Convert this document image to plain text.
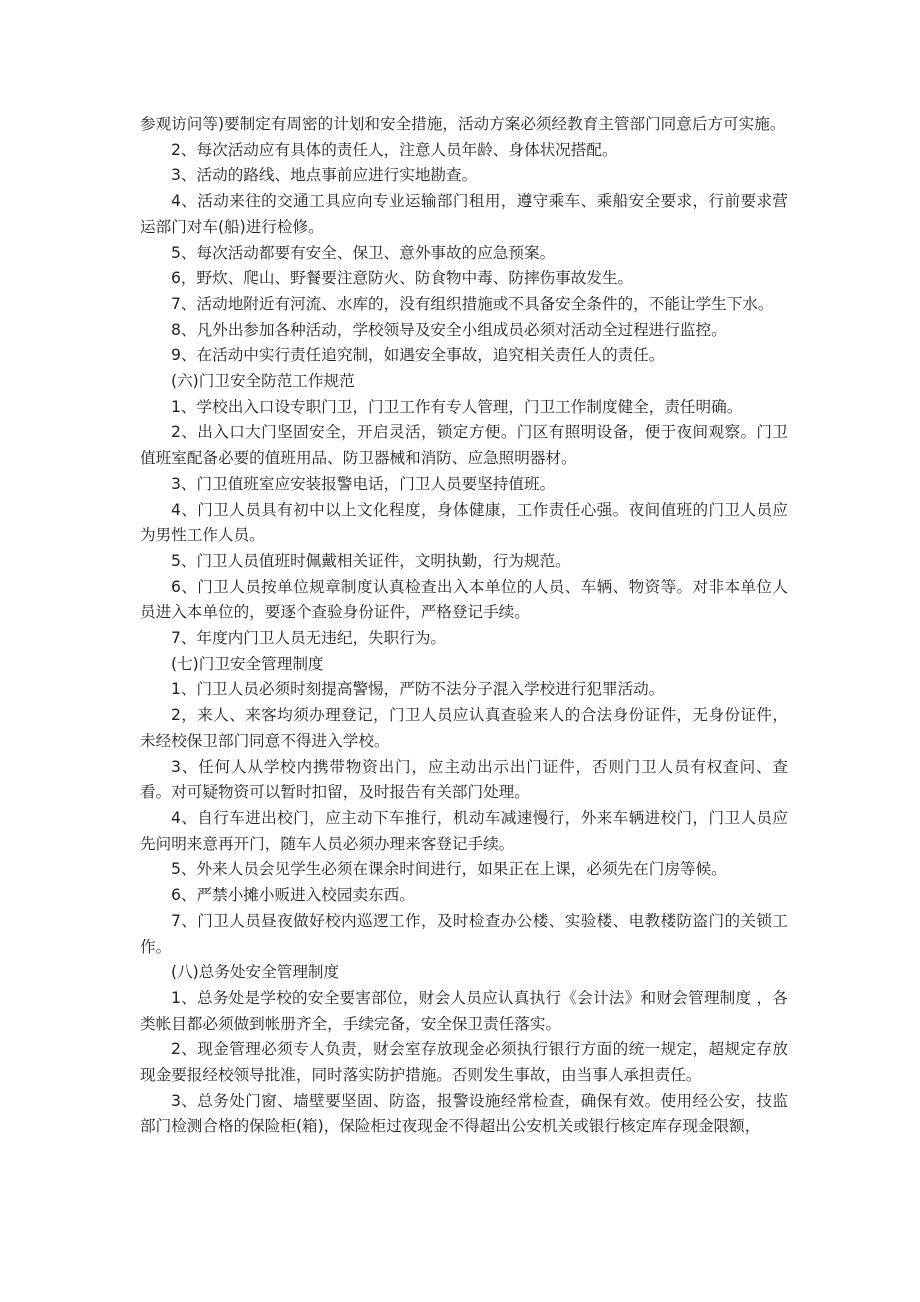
参观访问等)要制定有周密的计划和安全措施，活动方案必须经教育主管部门同意后方可实施。

2、每次活动应有具体的责任人，注意人员年龄、身体状况搭配。

3、活动的路线、地点事前应进行实地勘查。

4、活动来往的交通工具应向专业运输部门租用，遵守乘车、乘船安全要求，行前要求营运部门对车(船)进行检修。

5、每次活动都要有安全、保卫、意外事故的应急预案。

6，野炊、爬山、野餐要注意防火、防食物中毒、防摔伤事故发生。

7、活动地附近有河流、水库的，没有组织措施或不具备安全条件的，不能让学生下水。

8、凡外出参加各种活动，学校领导及安全小组成员必须对活动全过程进行监控。

9、在活动中实行责任追究制，如遇安全事故，追究相关责任人的责任。

(六)门卫安全防范工作规范

1、学校出入口设专职门卫，门卫工作有专人管理，门卫工作制度健全，责任明确。

2、出入口大门坚固安全，开启灵活，锁定方便。门区有照明设备，便于夜间观察。门卫值班室配备必要的值班用品、防卫器械和消防、应急照明器材。

3、门卫值班室应安装报警电话，门卫人员要坚持值班。

4、门卫人员具有初中以上文化程度，身体健康，工作责任心强。夜间值班的门卫人员应为男性工作人员。

5、门卫人员值班时佩戴相关证件，文明执勤，行为规范。

6、门卫人员按单位规章制度认真检查出入本单位的人员、车辆、物资等。对非本单位人员进入本单位的，要逐个查验身份证件，严格登记手续。

7、年度内门卫人员无违纪，失职行为。

(七)门卫安全管理制度

1、门卫人员必须时刻提高警惕，严防不法分子混入学校进行犯罪活动。

2，来人、来客均须办理登记，门卫人员应认真查验来人的合法身份证件，无身份证件，未经校保卫部门同意不得进入学校。

3、任何人从学校内携带物资出门，应主动出示出门证件，否则门卫人员有权查问、查看。对可疑物资可以暂时扣留，及时报告有关部门处理。

4、自行车进出校门，应主动下车推行，机动车减速慢行，外来车辆进校门，门卫人员应先问明来意再开门，随车人员必须办理来客登记手续。

5、外来人员会见学生必须在课余时间进行，如果正在上课，必须先在门房等候。

6、严禁小摊小贩进入校园卖东西。

7、门卫人员昼夜做好校内巡逻工作，及时检查办公楼、实验楼、电教楼防盗门的关锁工作。

(八)总务处安全管理制度

1、总务处是学校的安全要害部位，财会人员应认真执行《会计法》和财会管理制度 ，各类帐目都必须做到帐册齐全，手续完备，安全保卫责任落实。

2、现金管理必须专人负责，财会室存放现金必须执行银行方面的统一规定，超规定存放现金要报经校领导批准，同时落实防护措施。否则发生事故，由当事人承担责任。

3、总务处门窗、墙壁要坚固、防盗，报警设施经常检查，确保有效。使用经公安，技监部门检测合格的保险柜(箱)，保险柜过夜现金不得超出公安机关或银行核定库存现金限额，
